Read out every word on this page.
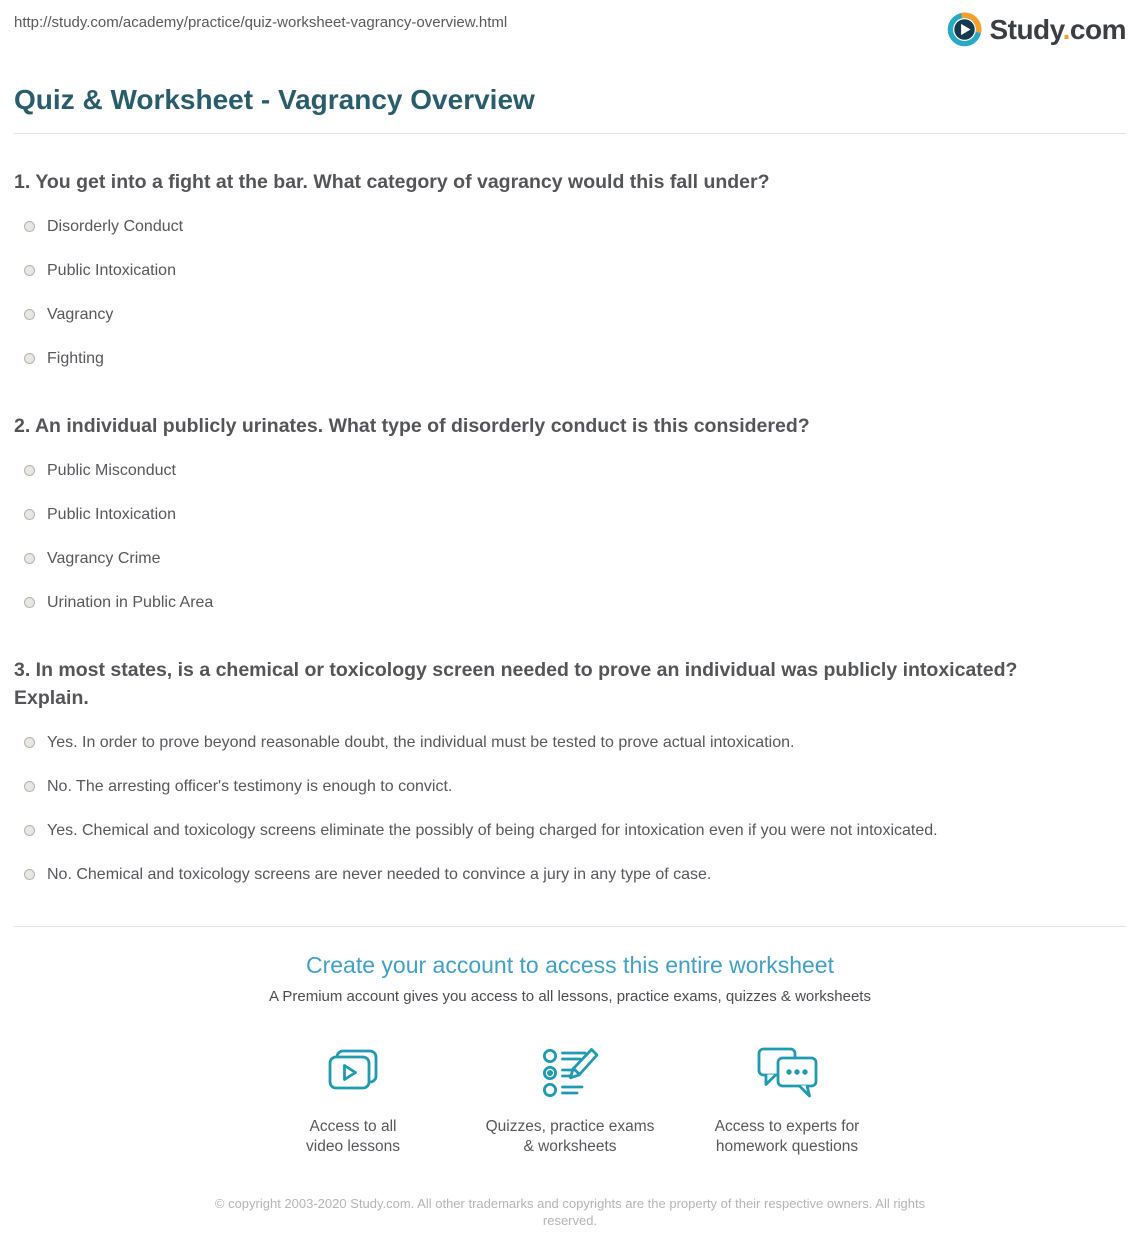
http://study.com/academy/practice/quiz-worksheet-vagrancy-overview.html	Study.com
Quiz & Worksheet - Vagrancy Overview
1. You get into a fight at the bar. What category of vagrancy would this fall under?
Disorderly Conduct
Public Intoxication
Vagrancy
Fighting
2. An individual publicly urinates. What type of disorderly conduct is this considered?
Public Misconduct
Public Intoxication
Vagrancy Crime
Urination in Public Area
3. In most states, is a chemical or toxicology screen needed to prove an individual was publicly intoxicated? Explain.
Yes. In order to prove beyond reasonable doubt, the individual must be tested to prove actual intoxication.
No. The arresting officer's testimony is enough to convict.
Yes. Chemical and toxicology screens eliminate the possibly of being charged for intoxication even if you were not intoxicated.
No. Chemical and toxicology screens are never needed to convince a jury in any type of case.
Create your account to access this entire worksheet

A Premium account gives you access to all lessons, practice exams, quizzes & worksheets

Access to all
video lessons
Quizzes, practice exams
& worksheets
Access to experts for
homework questions
© copyright 2003-2020 Study.com. All other trademarks and copyrights are the property of their respective owners. All rights reserved.
